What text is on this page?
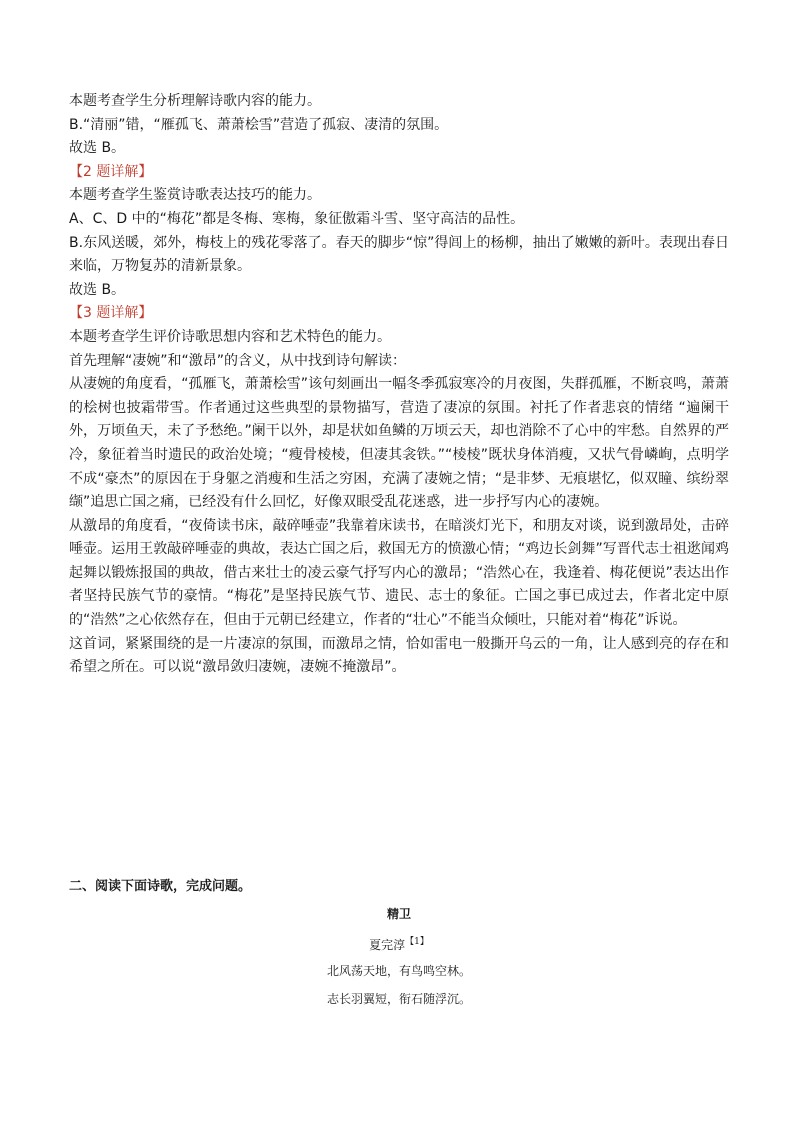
本题考查学生分析理解诗歌内容的能力。

B.“清丽”错，“雁孤飞、萧萧桧雪”营造了孤寂、凄清的氛围。

故选 B。

【2 题详解】

本题考查学生鉴赏诗歌表达技巧的能力。

A、C、D 中的“梅花”都是冬梅、寒梅，象征傲霜斗雪、坚守高洁的品性。

B.东风送暖，郊外，梅枝上的残花零落了。春天的脚步“惊”得闾上的杨柳，抽出了嫩嫩的新叶。表现出春日来临，万物复苏的清新景象。

故选 B。

【3 题详解】

本题考查学生评价诗歌思想内容和艺术特色的能力。

首先理解“凄婉”和“激昂”的含义，从中找到诗句解读：

从凄婉的角度看，“孤雁飞，萧萧桧雪”该句刻画出一幅冬季孤寂寒冷的月夜图，失群孤雁，不断哀鸣，萧萧的桧树也披霜带雪。作者通过这些典型的景物描写，营造了凄凉的氛围。衬托了作者悲哀的情绪 “遍阑干外，万顷鱼天，未了予愁绝。”阑干以外，却是状如鱼鳞的万顷云天，却也消除不了心中的牢愁。自然界的严冷，象征着当时遗民的政治处境；“瘦骨棱棱，但凄其衾铁。”“棱棱”既状身体消瘦，又状气骨嶙峋，点明学不成“豪杰”的原因在于身躯之消瘦和生活之穷困，充满了凄婉之情；“是非梦、无痕堪忆，似双瞳、缤纷翠缬”追思亡国之痛，已经没有什么回忆，好像双眼受乱花迷惑，进一步抒写内心的凄婉。

从激昂的角度看，“夜倚读书床，敲碎唾壶”我靠着床读书，在暗淡灯光下，和朋友对谈，说到激昂处，击碎唾壶。运用王敦敲碎唾壶的典故，表达亡国之后，救国无方的愤激心情；“鸡边长剑舞”写晋代志士祖逖闻鸡起舞以锻炼报国的典故，借古来壮士的凌云豪气抒写内心的激昂；“浩然心在，我逢着、梅花便说”表达出作者坚持民族气节的豪情。“梅花”是坚持民族气节、遗民、志士的象征。亡国之事已成过去，作者北定中原的“浩然”之心依然存在，但由于元朝已经建立，作者的“壮心”不能当众倾吐，只能对着“梅花”诉说。

这首词，紧紧围绕的是一片凄凉的氛围，而激昂之情，恰如雷电一般撕开乌云的一角，让人感到亮的存在和希望之所在。可以说“激昂敛归凄婉，凄婉不掩激昂”。

二、阅读下面诗歌，完成问题。

精卫

夏完淳$^{【1】}$

北风荡天地，有鸟鸣空林。

志长羽翼短，衔石随浮沉。
